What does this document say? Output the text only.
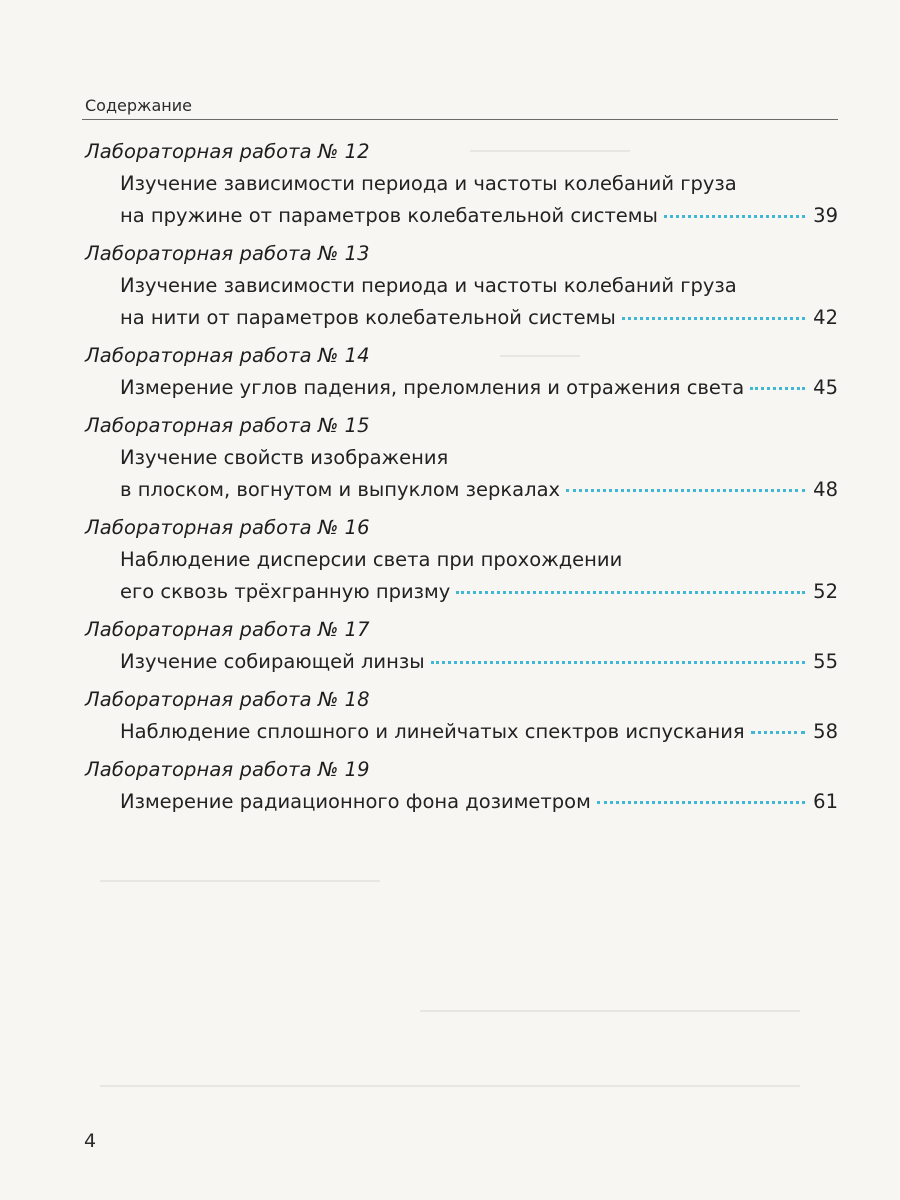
Содержание
Лабораторная работа № 12
Изучение зависимости периода и частоты колебаний груза
на пружине от параметров колебательной системы	39
Лабораторная работа № 13
Изучение зависимости периода и частоты колебаний груза
на нити от параметров колебательной системы	42
Лабораторная работа № 14
Измерение углов падения, преломления и отражения света	45
Лабораторная работа № 15
Изучение свойств изображения
в плоском, вогнутом и выпуклом зеркалах	48
Лабораторная работа № 16
Наблюдение дисперсии света при прохождении
его сквозь трёхгранную призму	52
Лабораторная работа № 17
Изучение собирающей линзы	55
Лабораторная работа № 18
Наблюдение сплошного и линейчатых спектров испускания	58
Лабораторная работа № 19
Измерение радиационного фона дозиметром	61
4
